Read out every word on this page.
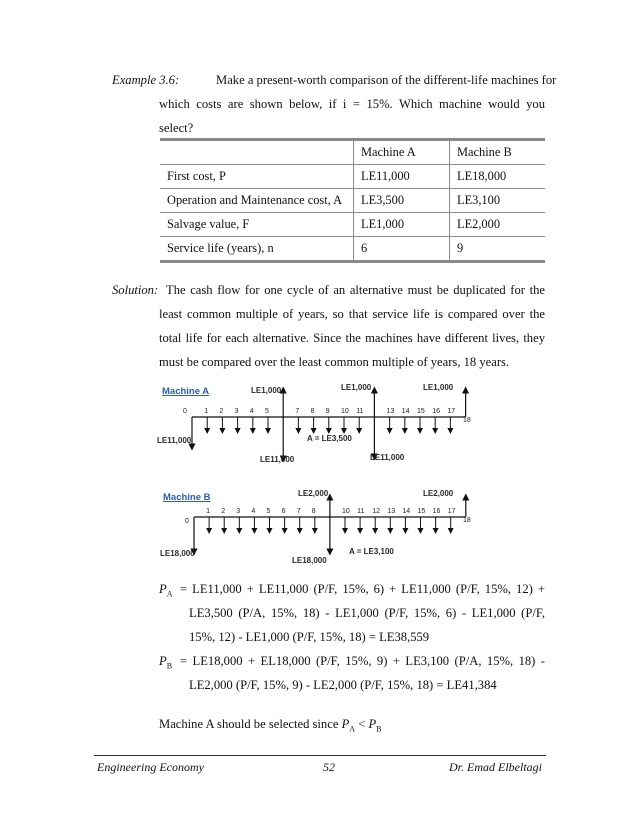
Example 3.6:	Make a present-worth comparison of the different-life machines for
which costs are shown below, if i = 15%. Which machine would you
select?
	Machine A	Machine B
First cost, P	LE11,000	LE18,000
Operation and Maintenance cost, A	LE3,500	LE3,100
Salvage value, F	LE1,000	LE2,000
Service life (years), n	6	9
Solution: The cash flow for one cycle of an alternative must be duplicated for the
least common multiple of years, so that service life is compared over the
total life for each alternative. Since the machines have different lives, they
must be compared over the least common multiple of years, 18 years.
Machine A
1 2 3 4 5	7 8 9 10 11	13 14 15 16 17
0
18
LE1,000	LE1,000	LE1,000
LE11,000
LE11,000	LE11,000
A = LE3,500
Machine B
1 2 3 4 5 6 7 8	10 11 12 13 14 15 16 17
0	18
LE2,000	LE2,000
LE18,000
LE18,000
A = LE3,100
$P_A = LE11,000 + LE11,000$ (P/F, 15%, 6) + LE11,000 (P/F, 15%, 12) +
LE3,500 (P/A, 15%, 18) - LE1,000 (P/F, 15%, 6) - LE1,000 (P/F,
15%, 12) - LE1,000 (P/F, 15%, 18) = LE38,559
$P_B = LE18,000 + EL18,000$ (P/F, 15%, 9) + LE3,100 (P/A, 15%, 18) -
LE2,000 (P/F, 15%, 9) - LE2,000 (P/F, 15%, 18) = LE41,384
Machine A should be selected since $P_A < P_B$
Engineering Economy	52	Dr. Emad Elbeltagi
